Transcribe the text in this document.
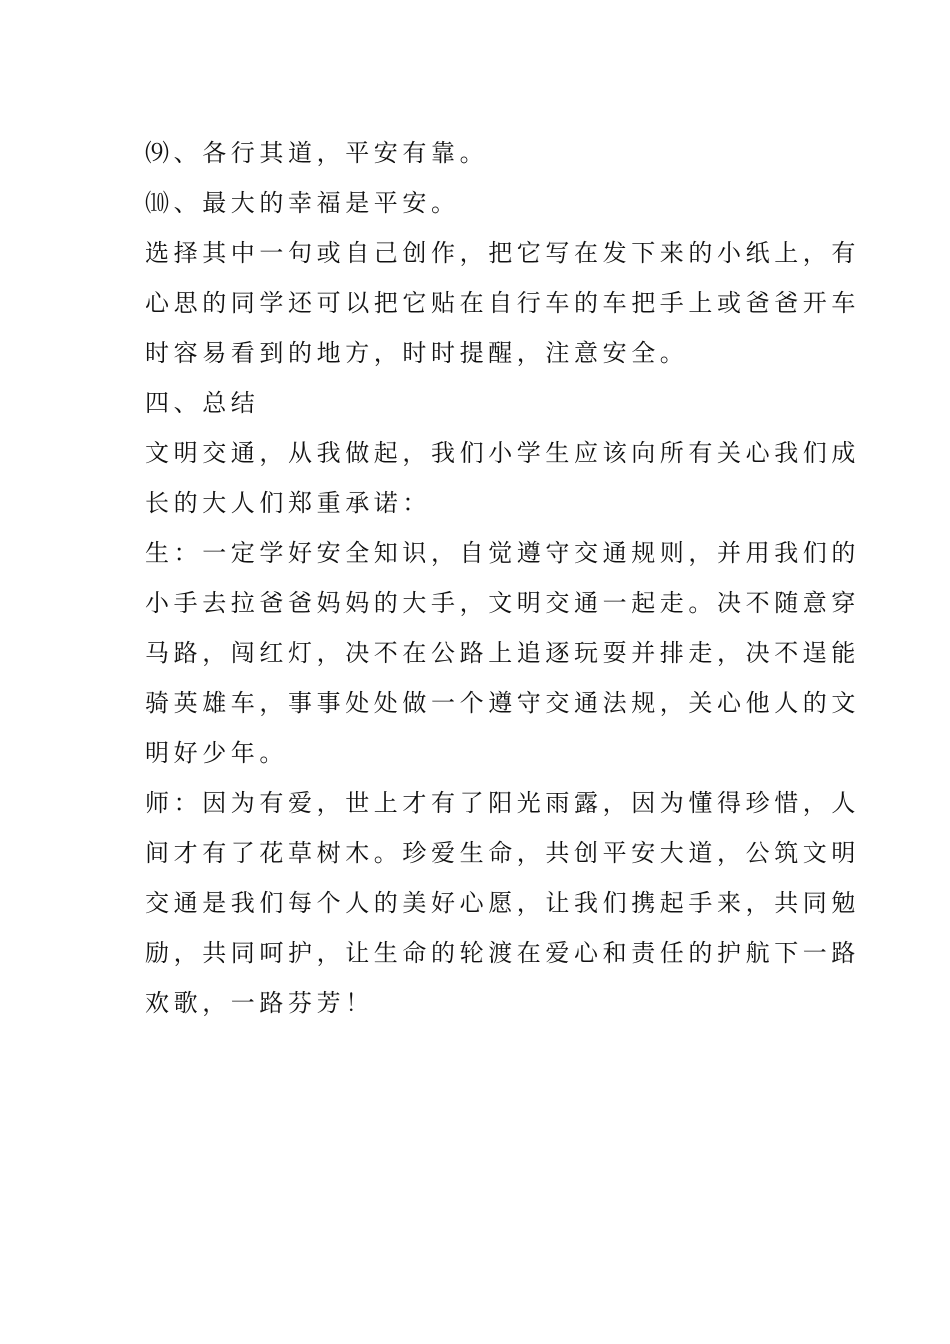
⑼、各行其道，平安有靠。

⑽、最大的幸福是平安。

选择其中一句或自己创作，把它写在发下来的小纸上，有
心思的同学还可以把它贴在自行车的车把手上或爸爸开车
时容易看到的地方，时时提醒，注意安全。

四、总结

文明交通，从我做起，我们小学生应该向所有关心我们成
长的大人们郑重承诺：

生：一定学好安全知识，自觉遵守交通规则，并用我们的
小手去拉爸爸妈妈的大手，文明交通一起走。决不随意穿
马路，闯红灯，决不在公路上追逐玩耍并排走，决不逞能
骑英雄车，事事处处做一个遵守交通法规，关心他人的文
明好少年。

师：因为有爱，世上才有了阳光雨露，因为懂得珍惜，人
间才有了花草树木。珍爱生命，共创平安大道，公筑文明
交通是我们每个人的美好心愿，让我们携起手来，共同勉
励，共同呵护，让生命的轮渡在爱心和责任的护航下一路
欢歌，一路芬芳！
